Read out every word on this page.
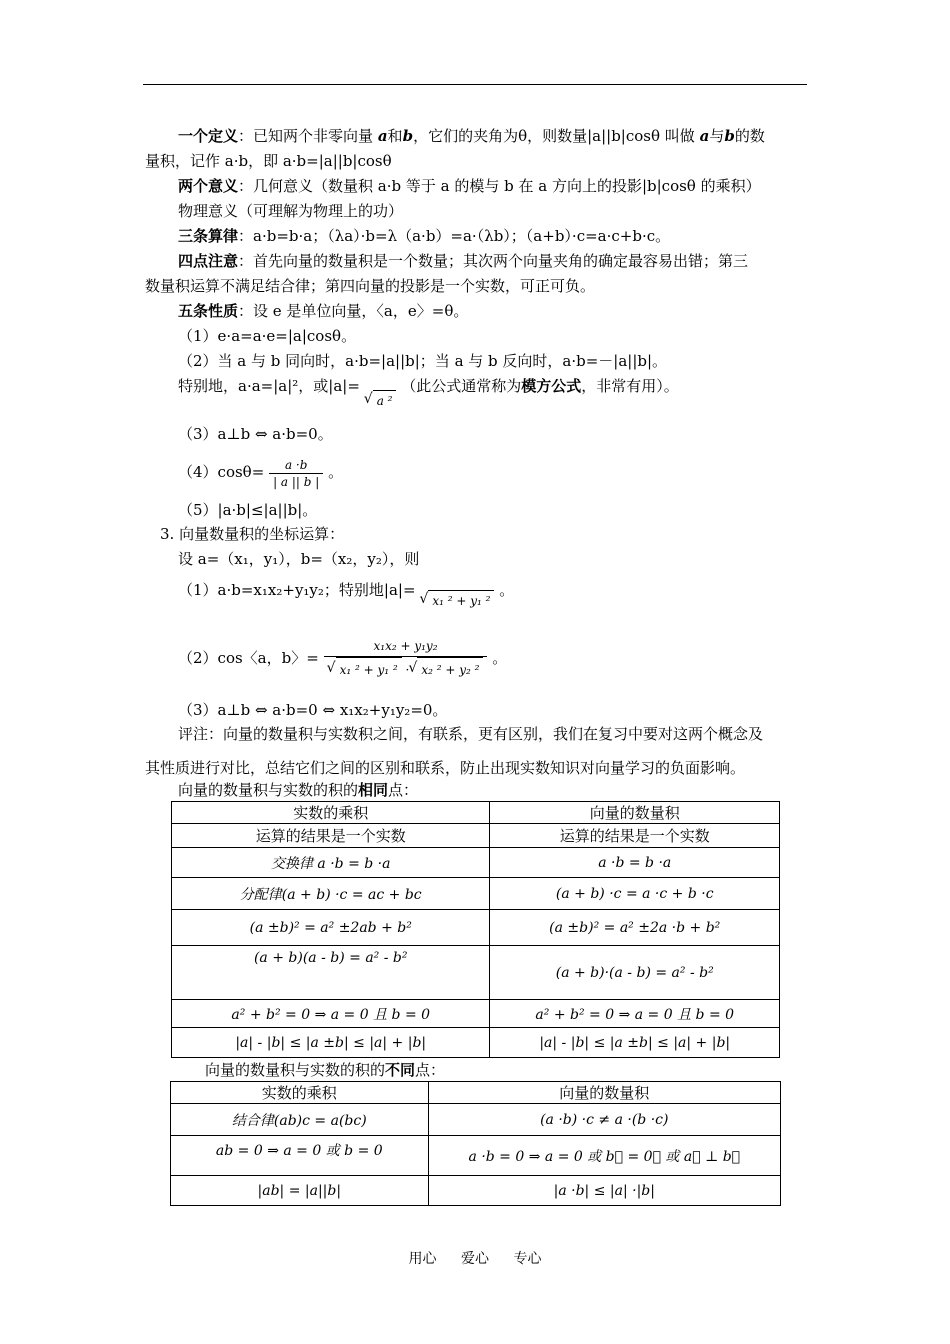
一个定义：已知两个非零向量 a和b，它们的夹角为θ，则数量|a||b|cosθ 叫做 a与b的数
量积，记作 a·b，即 a·b=|a||b|cosθ
两个意义：几何意义（数量积 a·b 等于 a 的模与 b 在 a 方向上的投影|b|cosθ 的乘积）
物理意义（可理解为物理上的功）
三条算律：a·b=b·a；（λa）·b=λ（a·b）=a·（λb）；（a+b）·c=a·c+b·c。
四点注意：首先向量的数量积是一个数量；其次两个向量夹角的确定最容易出错；第三
数量积运算不满足结合律；第四向量的投影是一个实数，可正可负。
五条性质：设 e 是单位向量，〈a，e〉=θ。
（1）e·a=a·e=|a|cosθ。
（2）当 a 与 b 同向时，a·b=|a||b|；当 a 与 b 反向时，a·b=－|a||b|。
特别地，a·a=|a|²，或|a|= √ a ² （此公式通常称为模方公式，非常有用）。
（3）a⊥b ⇔ a·b=0。
$(4)\cos\theta= \frac{a \cdot b}{| a || b |}$ 。
（5）|a·b|≤|a||b|。
3. 向量数量积的坐标运算：
设 a=（x₁，y₁），b=（x₂，y₂），则
（1）a·b=x₁x₂+y₁y₂；特别地|a|= √ x₁ ² + y₁ ² 。
（2）cos〈a，b〉= x₁x₂ + y₁y₂
√ x₁ ² + y₁ ² · √ x₂ ² + y₂ ² 。
（3）a⊥b ⇔ a·b=0 ⇔ x₁x₂+y₁y₂=0。
评注：向量的数量积与实数积之间，有联系，更有区别，我们在复习中要对这两个概念及
其性质进行对比，总结它们之间的区别和联系，防止出现实数知识对向量学习的负面影响。
向量的数量积与实数的积的相同点：
实数的乘积	向量的数量积
运算的结果是一个实数	运算的结果是一个实数
交换律 a ·b = b ·a	a ·b = b ·a
分配律(a + b) ·c = ac + bc	(a + b) ·c = a ·c + b ·c
(a ±b)² = a² ±2ab + b²	(a ±b)² = a² ±2a ·b + b²
(a + b)(a - b) = a² - b²	(a + b)·(a - b) = a² - b²
a² + b² = 0 ⇒ a = 0 且 b = 0	a² + b² = 0 ⇒ a = 0 且 b = 0
|a| - |b| ≤ |a ±b| ≤ |a| + |b|	|a| - |b| ≤ |a ±b| ≤ |a| + |b|
向量的数量积与实数的积的不同点：
实数的乘积	向量的数量积
结合律(ab)c = a(bc)	(a ·b) ·c ≠ a ·(b ·c)
ab = 0 ⇒ a = 0 或 b = 0	a ·b = 0 ⇒ a = 0 或 b⃗ = 0⃗ 或 a⃗ ⊥ b⃗
|ab| = |a||b|	|a ·b| ≤ |a| ·|b|
用心 爱心 专心
